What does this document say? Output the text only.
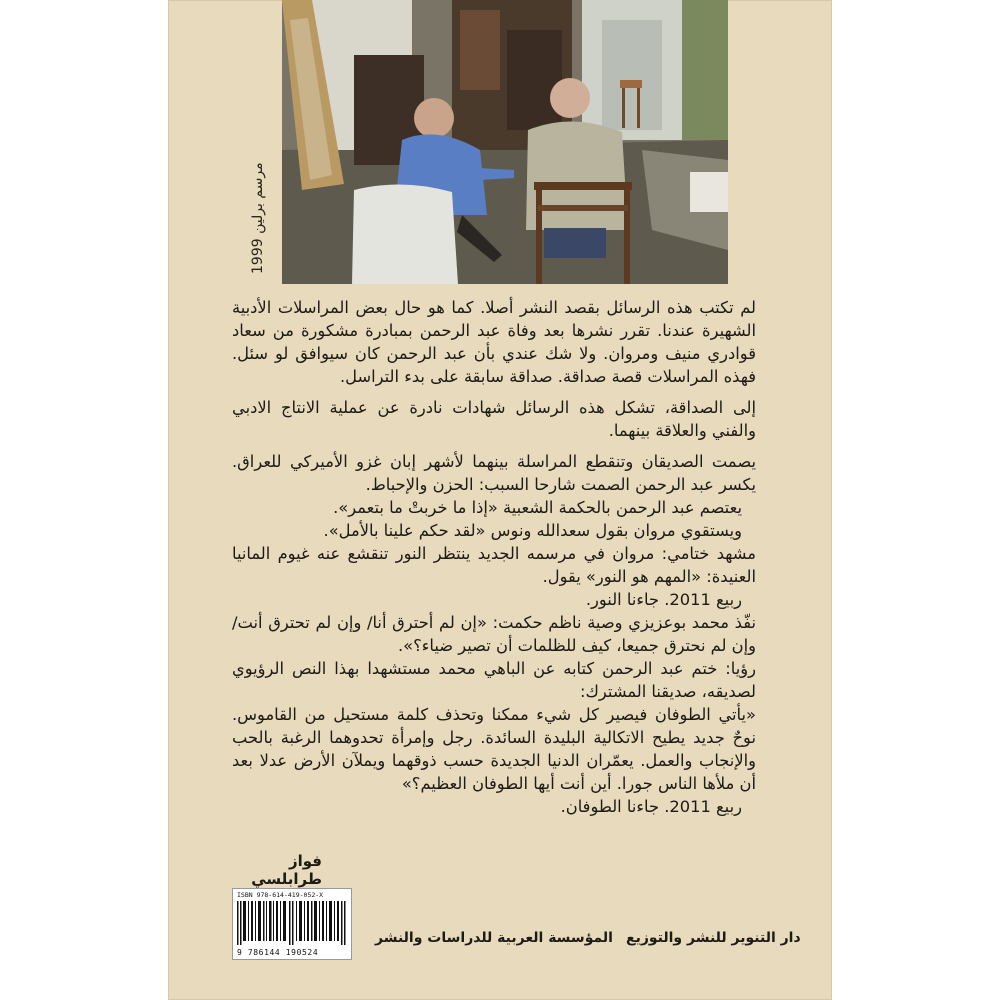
مرسم برلين 1999

لم تكتب هذه الرسائل بقصد النشر أصلا. كما هو حال بعض المراسلات الأدبية الشهيرة عندنا. تقرر نشرها بعد وفاة عبد الرحمن بمبادرة مشكورة من سعاد قوادري منيف ومروان. ولا شك عندي بأن عبد الرحمن كان سيوافق لو سئل. فهذه المراسلات قصة صداقة. صداقة سابقة على بدء التراسل.

إلى الصداقة، تشكل هذه الرسائل شهادات نادرة عن عملية الانتاج الادبي والفني والعلاقة بينهما.

يصمت الصديقان وتنقطع المراسلة بينهما لأشهر إبان غزو الأميركي للعراق. يكسر عبد الرحمن الصمت شارحا السبب: الحزن والإحباط.

يعتصم عبد الرحمن بالحكمة الشعبية «إذا ما خربتْ ما بتعمر».

ويستقوي مروان بقول سعدالله ونوس «لقد حكم علينا بالأمل».

مشهد ختامي: مروان في مرسمه الجديد ينتظر النور تنقشع عنه غيوم المانيا العنيدة: «المهم هو النور» يقول.

ربيع 2011. جاءنا النور.

نفّذ محمد بوعزيزي وصية ناظم حكمت: «إن لم أحترق أنا/ وإن لم تحترق أنت/ وإن لم نحترق جميعا، كيف للظلمات أن تصير ضياء؟».

رؤيا: ختم عبد الرحمن كتابه عن الباهي محمد مستشهدا بهذا النص الرؤيوي لصديقه، صديقنا المشترك:

«يأتي الطوفان فيصير كل شيء ممكنا وتحذف كلمة مستحيل من القاموس. نوحٌ جديد يطيح الاتكالية البليدة السائدة. رجل وإمرأة تحدوهما الرغبة بالحب والإنجاب والعمل. يعمّران الدنيا الجديدة حسب ذوقهما ويملآن الأرض عدلا بعد أن ملأها الناس جورا. أين أنت أيها الطوفان العظيم؟»

ربيع 2011. جاءنا الطوفان.

فواز طرابلسي
ISBN 978-614-419-052-X
9 786144 190524
المؤسسة العربية للدراسات والنشر دار التنوير للنشر والتوزيع
